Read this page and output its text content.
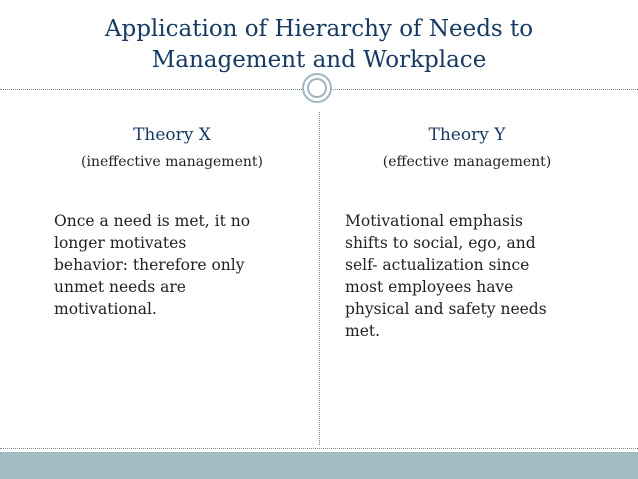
Application of Hierarchy of Needs to
Management and Workplace
Theory X
(ineffective management)
Once a need is met, it no
longer motivates
behavior: therefore only
unmet needs are
motivational.
Theory Y
(effective management)
Motivational emphasis
shifts to social, ego, and
self- actualization since
most employees have
physical and safety needs
met.
